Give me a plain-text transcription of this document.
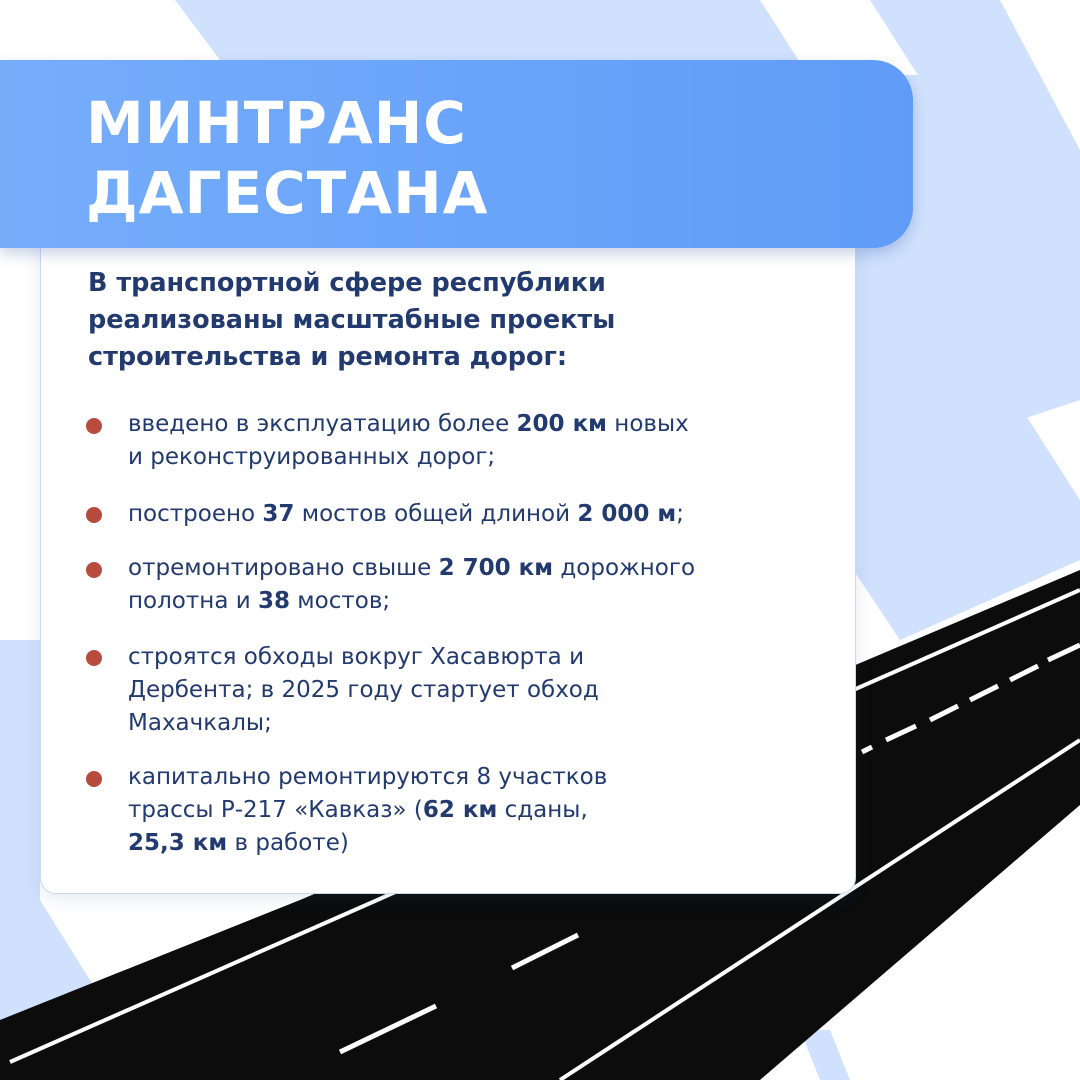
МИНТРАНС
ДАГЕСТАНА

В транспортной сфере республики
реализованы масштабные проекты
строительства и ремонта дорог:

введено в эксплуатацию более 200 км новых
и реконструированных дорог;
построено 37 мостов общей длиной 2 000 м;
отремонтировано свыше 2 700 км дорожного
полотна и 38 мостов;
строятся обходы вокруг Хасавюрта и
Дербента; в 2025 году стартует обход
Махачкалы;
капитально ремонтируются 8 участков
трассы Р-217 «Кавказ» (62 км сданы,
25,3 км в работе)
